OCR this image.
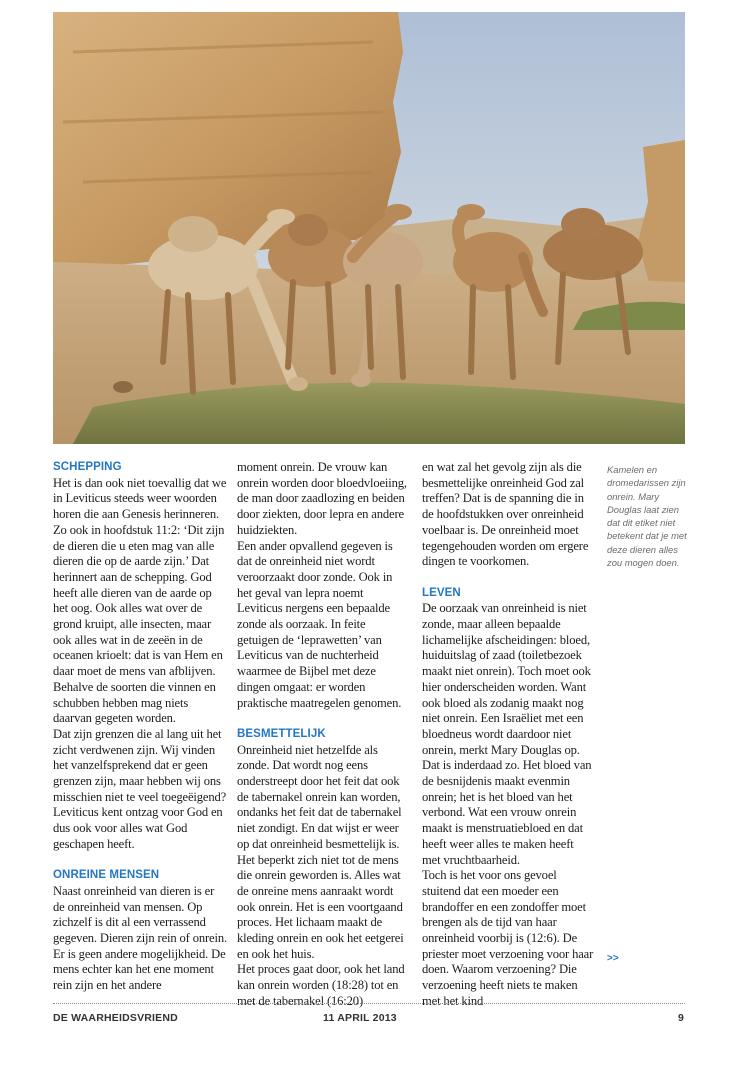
SCHEPPING

Het is dan ook niet toevallig dat we in Leviticus steeds weer woorden horen die aan Genesis herinneren. Zo ook in hoofdstuk 11:2: ‘Dit zijn de dieren die u eten mag van alle dieren die op de aarde zijn.’ Dat herinnert aan de schepping. God heeft alle dieren van de aarde op het oog. Ook alles wat over de grond kruipt, alle insecten, maar ook alles wat in de zeeën in de oceanen krioelt: dat is van Hem en daar moet de mens van afblijven. Behalve de soorten die vinnen en schubben hebben mag niets daarvan gegeten worden.

Dat zijn grenzen die al lang uit het zicht verdwenen zijn. Wij vinden het vanzelfsprekend dat er geen grenzen zijn, maar hebben wij ons misschien niet te veel toegeëigend? Leviticus kent ontzag voor God en dus ook voor alles wat God geschapen heeft.

ONREINE MENSEN

Naast onreinheid van dieren is er de onreinheid van mensen. Op zichzelf is dit al een verrassend gegeven. Dieren zijn rein of onrein. Er is geen andere mogelijkheid. De mens echter kan het ene moment rein zijn en het andere

moment onrein. De vrouw kan onrein worden door bloedvloeiing, de man door zaadlozing en beiden door ziekten, door lepra en andere huidziekten.

Een ander opvallend gegeven is dat de onreinheid niet wordt veroorzaakt door zonde. Ook in het geval van lepra noemt Leviticus nergens een bepaalde zonde als oorzaak. In feite getuigen de ‘leprawetten’ van Leviticus van de nuchterheid waarmee de Bijbel met deze dingen omgaat: er worden praktische maatregelen genomen.

BESMETTELIJK

Onreinheid niet hetzelfde als zonde. Dat wordt nog eens onderstreept door het feit dat ook de tabernakel onrein kan worden, ondanks het feit dat de tabernakel niet zondigt. En dat wijst er weer op dat onreinheid besmettelijk is. Het beperkt zich niet tot de mens die onrein geworden is. Alles wat de onreine mens aanraakt wordt ook onrein. Het is een voortgaand proces. Het lichaam maakt de kleding onrein en ook het eetgerei en ook het huis.

Het proces gaat door, ook het land kan onrein worden (18:28) tot en met de tabernakel (16:20)

en wat zal het gevolg zijn als die besmettelijke onreinheid God zal treffen? Dat is de spanning die in de hoofdstukken over onreinheid voelbaar is. De onreinheid moet tegengehouden worden om ergere dingen te voorkomen.

LEVEN

De oorzaak van onreinheid is niet zonde, maar alleen bepaalde lichamelijke afscheidingen: bloed, huiduitslag of zaad (toiletbezoek maakt niet onrein). Toch moet ook hier onderscheiden worden. Want ook bloed als zodanig maakt nog niet onrein. Een Israëliet met een bloedneus wordt daardoor niet onrein, merkt Mary Douglas op. Dat is inderdaad zo. Het bloed van de besnijdenis maakt evenmin onrein; het is het bloed van het verbond. Wat een vrouw onrein maakt is menstruatiebloed en dat heeft weer alles te maken heeft met vruchtbaarheid.

Toch is het voor ons gevoel stuitend dat een moeder een brandoffer en een zondoffer moet brengen als de tijd van haar onreinheid voorbij is (12:6). De priester moet verzoening voor haar doen. Waarom verzoening? Die verzoening heeft niets te maken met het kind

Kamelen en dromedarissen zijn onrein. Mary Douglas laat zien dat dit etiket niet betekent dat je met deze dieren alles zou mogen doen.

>>

DE WAARHEIDSVRIEND	11 APRIL 2013	9
